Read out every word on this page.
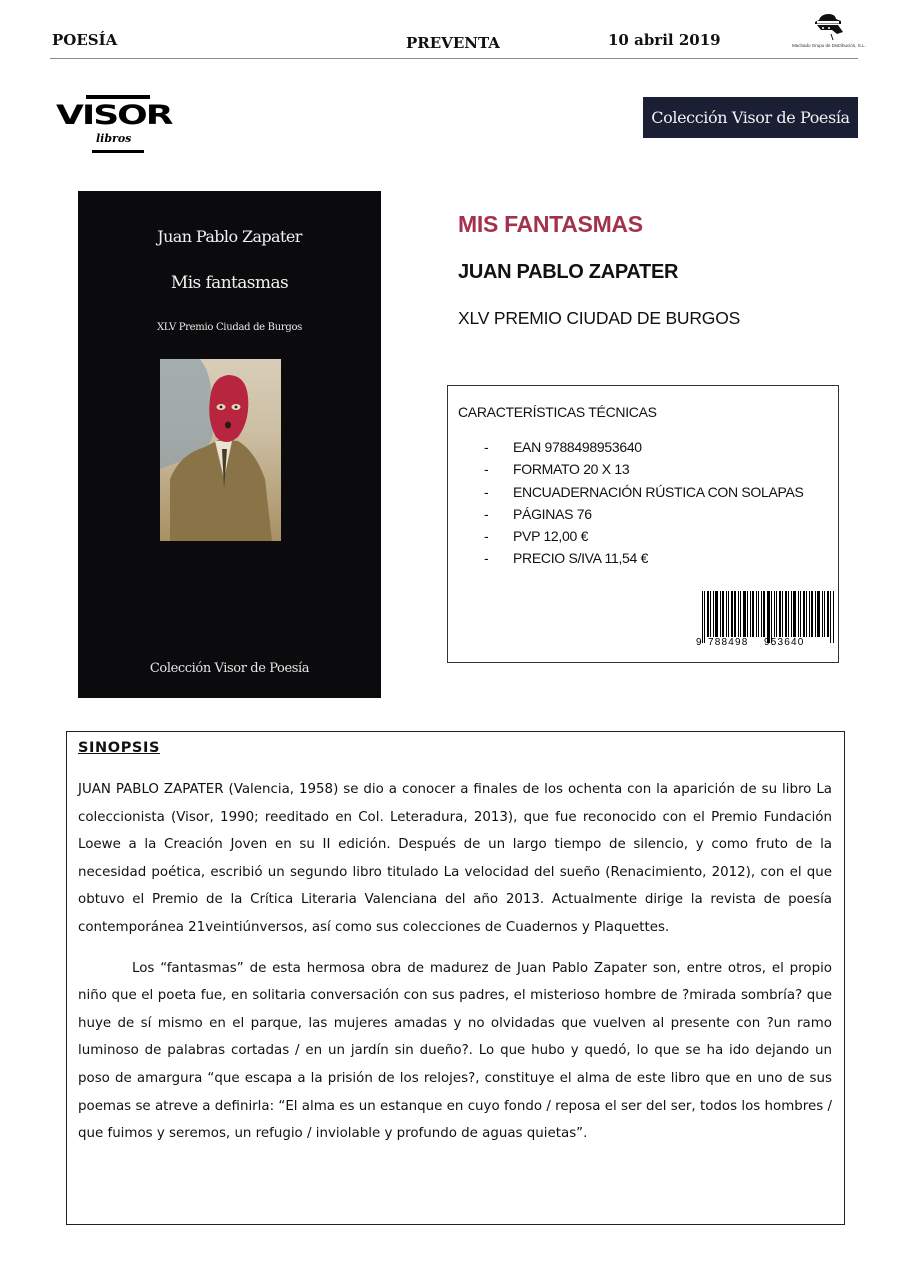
POESÍA	PREVENTA	10 abril 2019	Machado Grupo de Distribución, S.L.
VISOR
libros
Colección Visor de Poesía
Juan Pablo Zapater
Mis fantasmas
XLV Premio Ciudad de Burgos
Colección Visor de Poesía
MIS FANTASMAS
JUAN PABLO ZAPATER
XLV PREMIO CIUDAD DE BURGOS
CARACTERÍSTICAS TÉCNICAS
-	EAN 9788498953640
-	FORMATO 20 X 13
-	ENCUADERNACIÓN RÚSTICA CON SOLAPAS
-	PÁGINAS 76
-	PVP 12,00 €
-	PRECIO S/IVA 11,54 €
9 788498 953640
SINOPSIS

JUAN PABLO ZAPATER (Valencia, 1958) se dio a conocer a finales de los ochenta con la aparición de su libro La coleccionista (Visor, 1990; reeditado en Col. Leteradura, 2013), que fue reconocido con el Premio Fundación Loewe a la Creación Joven en su II edición. Después de un largo tiempo de silencio, y como fruto de la necesidad poética, escribió un segundo libro titulado La velocidad del sueño (Renacimiento, 2012), con el que obtuvo el Premio de la Crítica Literaria Valenciana del año 2013. Actualmente dirige la revista de poesía contemporánea 21veintiúnversos, así como sus colecciones de Cuadernos y Plaquettes.

Los “fantasmas” de esta hermosa obra de madurez de Juan Pablo Zapater son, entre otros, el propio niño que el poeta fue, en solitaria conversación con sus padres, el misterioso hombre de ?mirada sombría? que huye de sí mismo en el parque, las mujeres amadas y no olvidadas que vuelven al presente con ?un ramo luminoso de palabras cortadas / en un jardín sin dueño?. Lo que hubo y quedó, lo que se ha ido dejando un poso de amargura “que escapa a la prisión de los relojes?, constituye el alma de este libro que en uno de sus poemas se atreve a definirla: “El alma es un estanque en cuyo fondo / reposa el ser del ser, todos los hombres / que fuimos y seremos, un refugio / inviolable y profundo de aguas quietas”.
